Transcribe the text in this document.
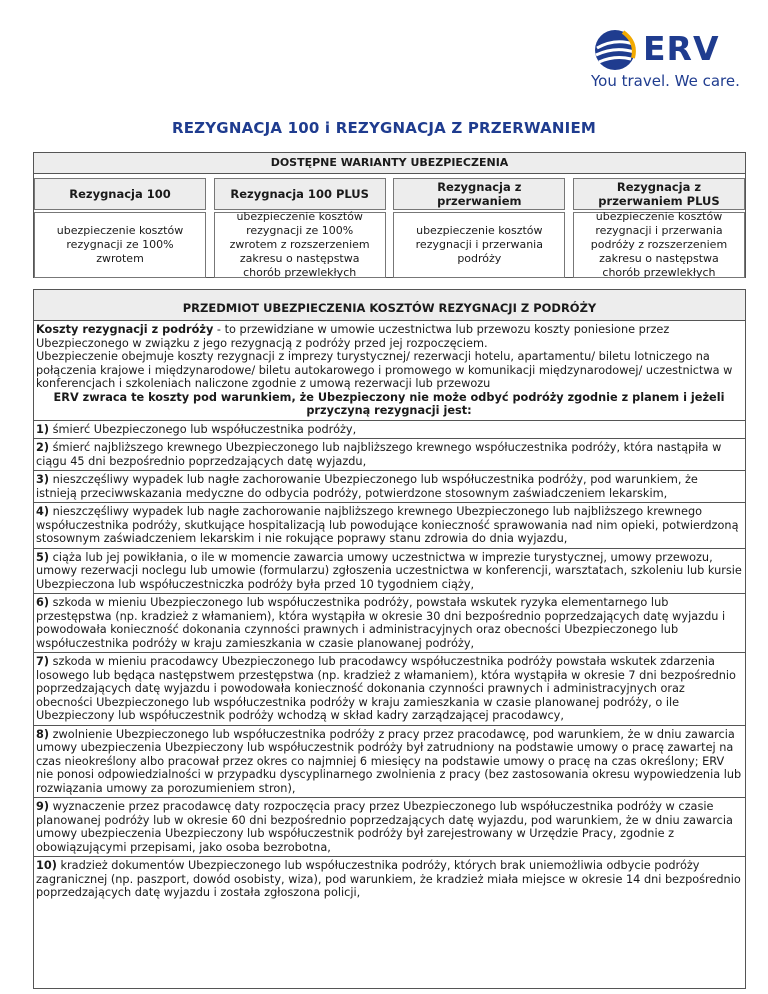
ERV
You travel. We care.
REZYGNACJA 100 i REZYGNACJA Z PRZERWANIEM
DOSTĘPNE WARIANTY UBEZPIECZENIA
Rezygnacja 100
ubezpieczenie kosztów rezygnacji ze 100% zwrotem
Rezygnacja 100 PLUS
ubezpieczenie kosztów rezygnacji ze 100% zwrotem z rozszerzeniem zakresu o następstwa chorób przewlekłych
Rezygnacja z przerwaniem
ubezpieczenie kosztów rezygnacji i przerwania podróży
Rezygnacja z przerwaniem PLUS
ubezpieczenie kosztów rezygnacji i przerwania podróży z rozszerzeniem zakresu o następstwa chorób przewlekłych
PRZEDMIOT UBEZPIECZENIA KOSZTÓW REZYGNACJI Z PODRÓŻY

Koszty rezygnacji z podróży - to przewidziane w umowie uczestnictwa lub przewozu koszty poniesione przez Ubezpieczonego w związku z jego rezygnacją z podróży przed jej rozpoczęciem.

Ubezpieczenie obejmuje koszty rezygnacji z imprezy turystycznej/ rezerwacji hotelu, apartamentu/ biletu lotniczego na połączenia krajowe i międzynarodowe/ biletu autokarowego i promowego w komunikacji międzynarodowej/ uczestnictwa w konferencjach i szkoleniach naliczone zgodnie z umową rezerwacji lub przewozu

ERV zwraca te koszty pod warunkiem, że Ubezpieczony nie może odbyć podróży zgodnie z planem i jeżeli przyczyną rezygnacji jest:

1) śmierć Ubezpieczonego lub współuczestnika podróży,
2) śmierć najbliższego krewnego Ubezpieczonego lub najbliższego krewnego współuczestnika podróży, która nastąpiła w ciągu 45 dni bezpośrednio poprzedzających datę wyjazdu,
3) nieszczęśliwy wypadek lub nagłe zachorowanie Ubezpieczonego lub współuczestnika podróży, pod warunkiem, że istnieją przeciwwskazania medyczne do odbycia podróży, potwierdzone stosownym zaświadczeniem lekarskim,
4) nieszczęśliwy wypadek lub nagłe zachorowanie najbliższego krewnego Ubezpieczonego lub najbliższego krewnego współuczestnika podróży, skutkujące hospitalizacją lub powodujące konieczność sprawowania nad nim opieki, potwierdzoną stosownym zaświadczeniem lekarskim i nie rokujące poprawy stanu zdrowia do dnia wyjazdu,
5) ciąża lub jej powikłania, o ile w momencie zawarcia umowy uczestnictwa w imprezie turystycznej, umowy przewozu, umowy rezerwacji noclegu lub umowie (formularzu) zgłoszenia uczestnictwa w konferencji, warsztatach, szkoleniu lub kursie Ubezpieczona lub współuczestniczka podróży była przed 10 tygodniem ciąży,
6) szkoda w mieniu Ubezpieczonego lub współuczestnika podróży, powstała wskutek ryzyka elementarnego lub przestępstwa (np. kradzież z włamaniem), która wystąpiła w okresie 30 dni bezpośrednio poprzedzających datę wyjazdu i powodowała konieczność dokonania czynności prawnych i administracyjnych oraz obecności Ubezpieczonego lub współuczestnika podróży w kraju zamieszkania w czasie planowanej podróży,
7) szkoda w mieniu pracodawcy Ubezpieczonego lub pracodawcy współuczestnika podróży powstała wskutek zdarzenia losowego lub będąca następstwem przestępstwa (np. kradzież z włamaniem), która wystąpiła w okresie 7 dni bezpośrednio poprzedzających datę wyjazdu i powodowała konieczność dokonania czynności prawnych i administracyjnych oraz obecności Ubezpieczonego lub współuczestnika podróży w kraju zamieszkania w czasie planowanej podróży, o ile Ubezpieczony lub współuczestnik podróży wchodzą w skład kadry zarządzającej pracodawcy,
8) zwolnienie Ubezpieczonego lub współuczestnika podróży z pracy przez pracodawcę, pod warunkiem, że w dniu zawarcia umowy ubezpieczenia Ubezpieczony lub współuczestnik podróży był zatrudniony na podstawie umowy o pracę zawartej na czas nieokreślony albo pracował przez okres co najmniej 6 miesięcy na podstawie umowy o pracę na czas określony; ERV nie ponosi odpowiedzialności w przypadku dyscyplinarnego zwolnienia z pracy (bez zastosowania okresu wypowiedzenia lub rozwiązania umowy za porozumieniem stron),
9) wyznaczenie przez pracodawcę daty rozpoczęcia pracy przez Ubezpieczonego lub współuczestnika podróży w czasie planowanej podróży lub w okresie 60 dni bezpośrednio poprzedzających datę wyjazdu, pod warunkiem, że w dniu zawarcia umowy ubezpieczenia Ubezpieczony lub współuczestnik podróży był zarejestrowany w Urzędzie Pracy, zgodnie z obowiązującymi przepisami, jako osoba bezrobotna,
10) kradzież dokumentów Ubezpieczonego lub współuczestnika podróży, których brak uniemożliwia odbycie podróży zagranicznej (np. paszport, dowód osobisty, wiza), pod warunkiem, że kradzież miała miejsce w okresie 14 dni bezpośrednio poprzedzających datę wyjazdu i została zgłoszona policji,
